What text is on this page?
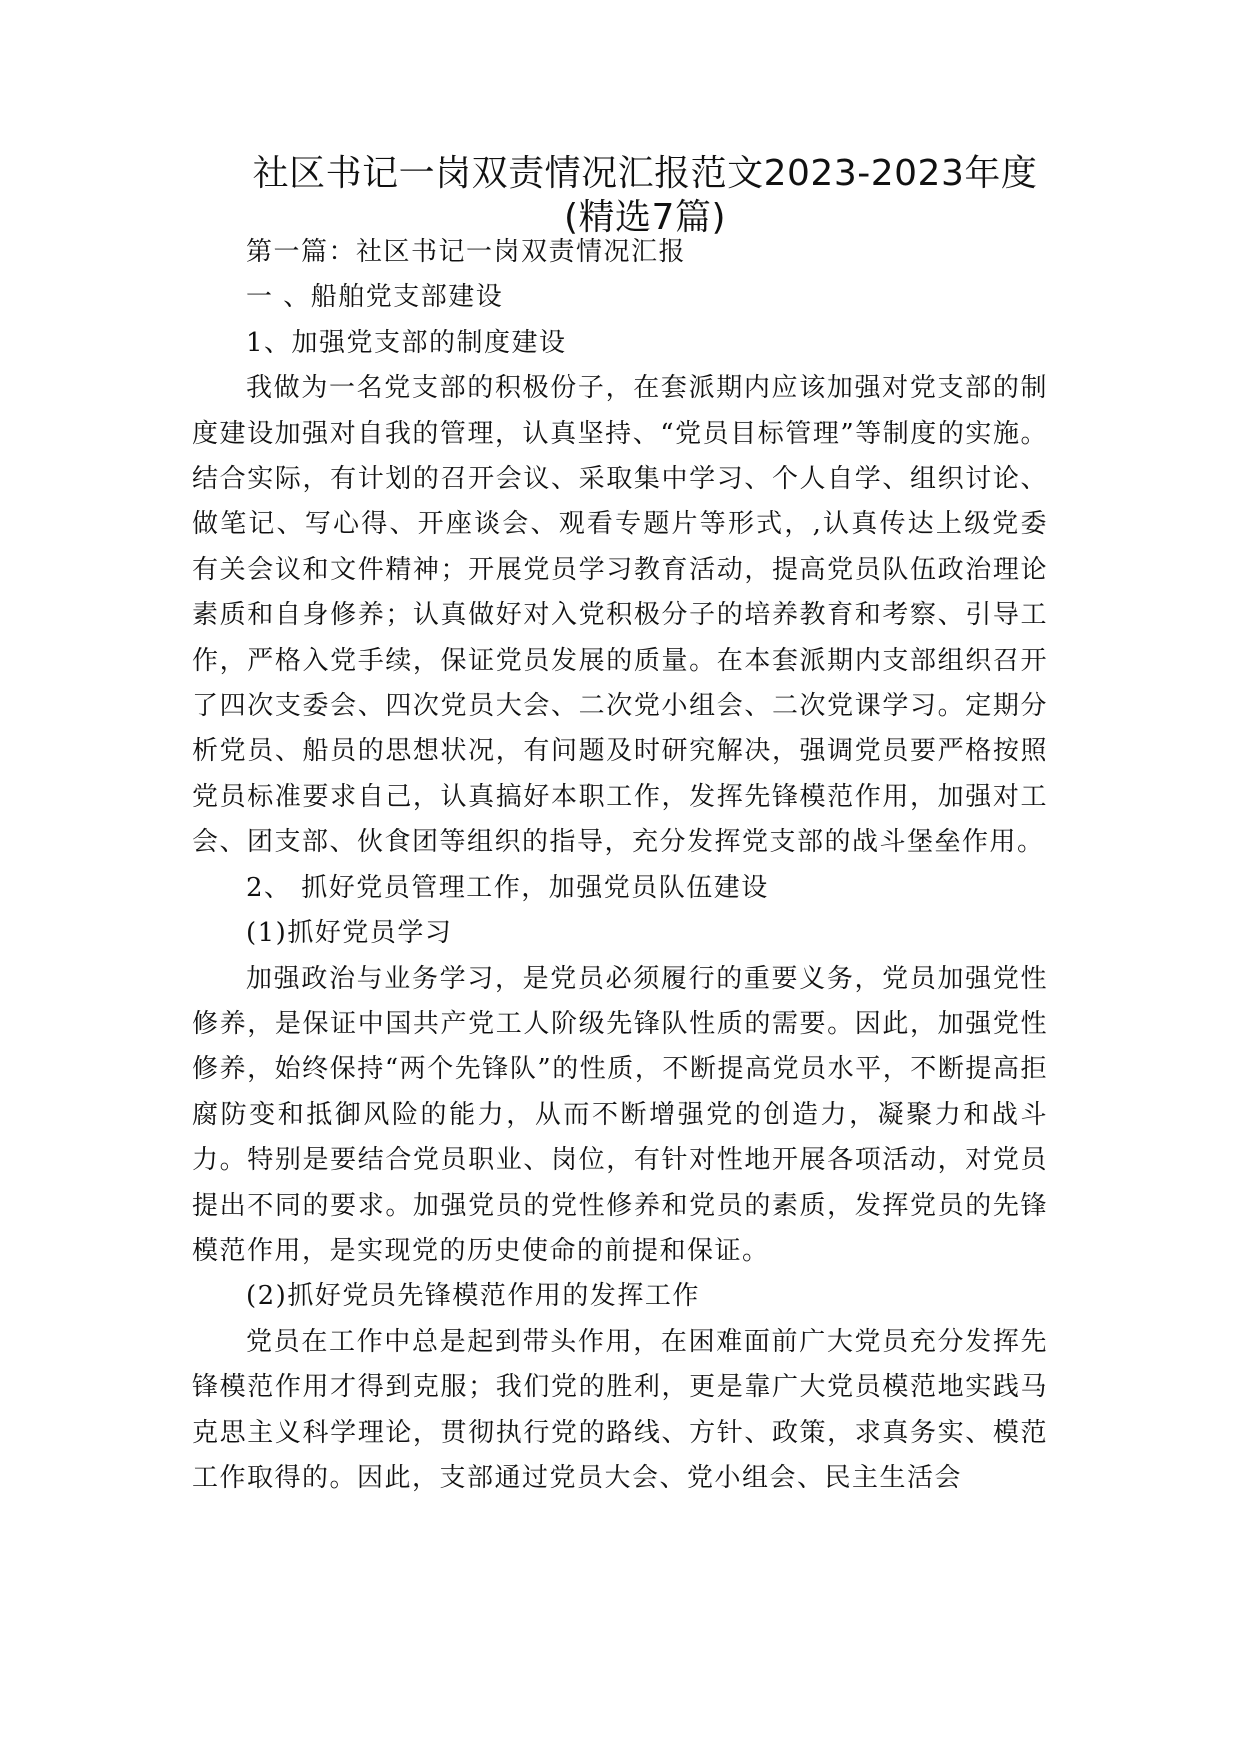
社区书记一岗双责情况汇报范文2023-2023年度(精选7篇)

第一篇：社区书记一岗双责情况汇报

一 、船舶党支部建设

1、加强党支部的制度建设

我做为一名党支部的积极份子，在套派期内应该加强对党支部的制度建设加强对自我的管理，认真坚持、“党员目标管理”等制度的实施。结合实际，有计划的召开会议、采取集中学习、个人自学、组织讨论、做笔记、写心得、开座谈会、观看专题片等形式，,认真传达上级党委有关会议和文件精神；开展党员学习教育活动，提高党员队伍政治理论素质和自身修养；认真做好对入党积极分子的培养教育和考察、引导工作，严格入党手续，保证党员发展的质量。在本套派期内支部组织召开了四次支委会、四次党员大会、二次党小组会、二次党课学习。定期分析党员、船员的思想状况，有问题及时研究解决，强调党员要严格按照党员标准要求自己，认真搞好本职工作，发挥先锋模范作用，加强对工会、团支部、伙食团等组织的指导，充分发挥党支部的战斗堡垒作用。

2、 抓好党员管理工作，加强党员队伍建设

(1)抓好党员学习

加强政治与业务学习，是党员必须履行的重要义务，党员加强党性修养，是保证中国共产党工人阶级先锋队性质的需要。因此，加强党性修养，始终保持“两个先锋队”的性质，不断提高党员水平，不断提高拒腐防变和抵御风险的能力，从而不断增强党的创造力，凝聚力和战斗力。特别是要结合党员职业、岗位，有针对性地开展各项活动，对党员提出不同的要求。加强党员的党性修养和党员的素质，发挥党员的先锋模范作用，是实现党的历史使命的前提和保证。

(2)抓好党员先锋模范作用的发挥工作

党员在工作中总是起到带头作用，在困难面前广大党员充分发挥先锋模范作用才得到克服；我们党的胜利，更是靠广大党员模范地实践马克思主义科学理论，贯彻执行党的路线、方针、政策，求真务实、模范工作取得的。因此，支部通过党员大会、党小组会、民主生活会
